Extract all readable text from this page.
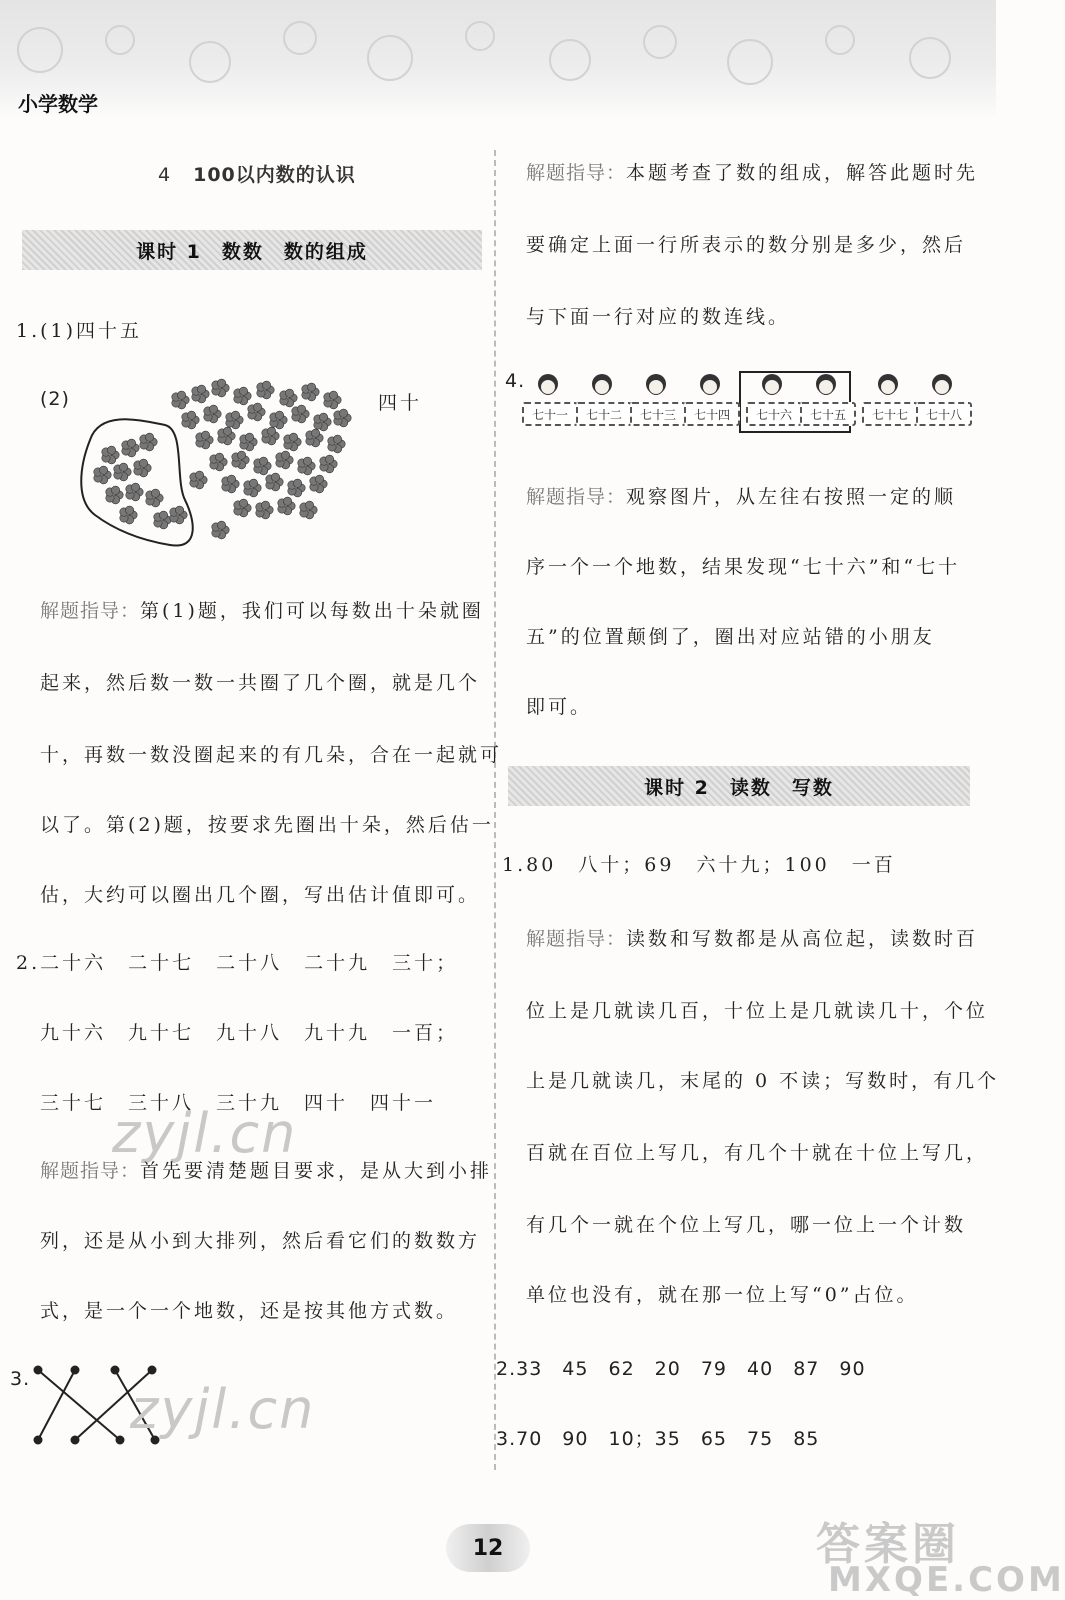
小学数学
4 100以内数的认识
课时 1 数数 数的组成
1.(1)四十五
(2)	四十
解题指导：第(1)题，我们可以每数出十朵就圈
起来，然后数一数一共圈了几个圈，就是几个
十，再数一数没圈起来的有几朵，合在一起就可
以了。第(2)题，按要求先圈出十朵，然后估一
估，大约可以圈出几个圈，写出估计值即可。
2.二十六　二十七　二十八　二十九　三十；
九十六　九十七　九十八　九十九　一百；
三十七　三十八　三十九　四十　四十一
zyjl.cn
解题指导：首先要清楚题目要求，是从大到小排
列，还是从小到大排列，然后看它们的数数方
式，是一个一个地数，还是按其他方式数。
3. zyjl.cn
解题指导：本题考查了数的组成，解答此题时先
要确定上面一行所表示的数分别是多少，然后
与下面一行对应的数连线。
4.
七十一	七十二	七十三	七十四	七十六	七十五	七十七	七十八
解题指导：观察图片，从左往右按照一定的顺
序一个一个地数，结果发现“七十六”和“七十
五”的位置颠倒了，圈出对应站错的小朋友
即可。
课时 2 读数 写数
1.80　八十；69　六十九；100　一百
解题指导：读数和写数都是从高位起，读数时百
位上是几就读几百，十位上是几就读几十，个位
上是几就读几，末尾的 0 不读；写数时，有几个
百就在百位上写几，有几个十就在十位上写几，
有几个一就在个位上写几，哪一位上一个计数
单位也没有，就在那一位上写“0”占位。
2.33　45　62　20　79　40　87　90
3.70　90　10；35　65　75　85
12	答案圈
MXQE.COM
